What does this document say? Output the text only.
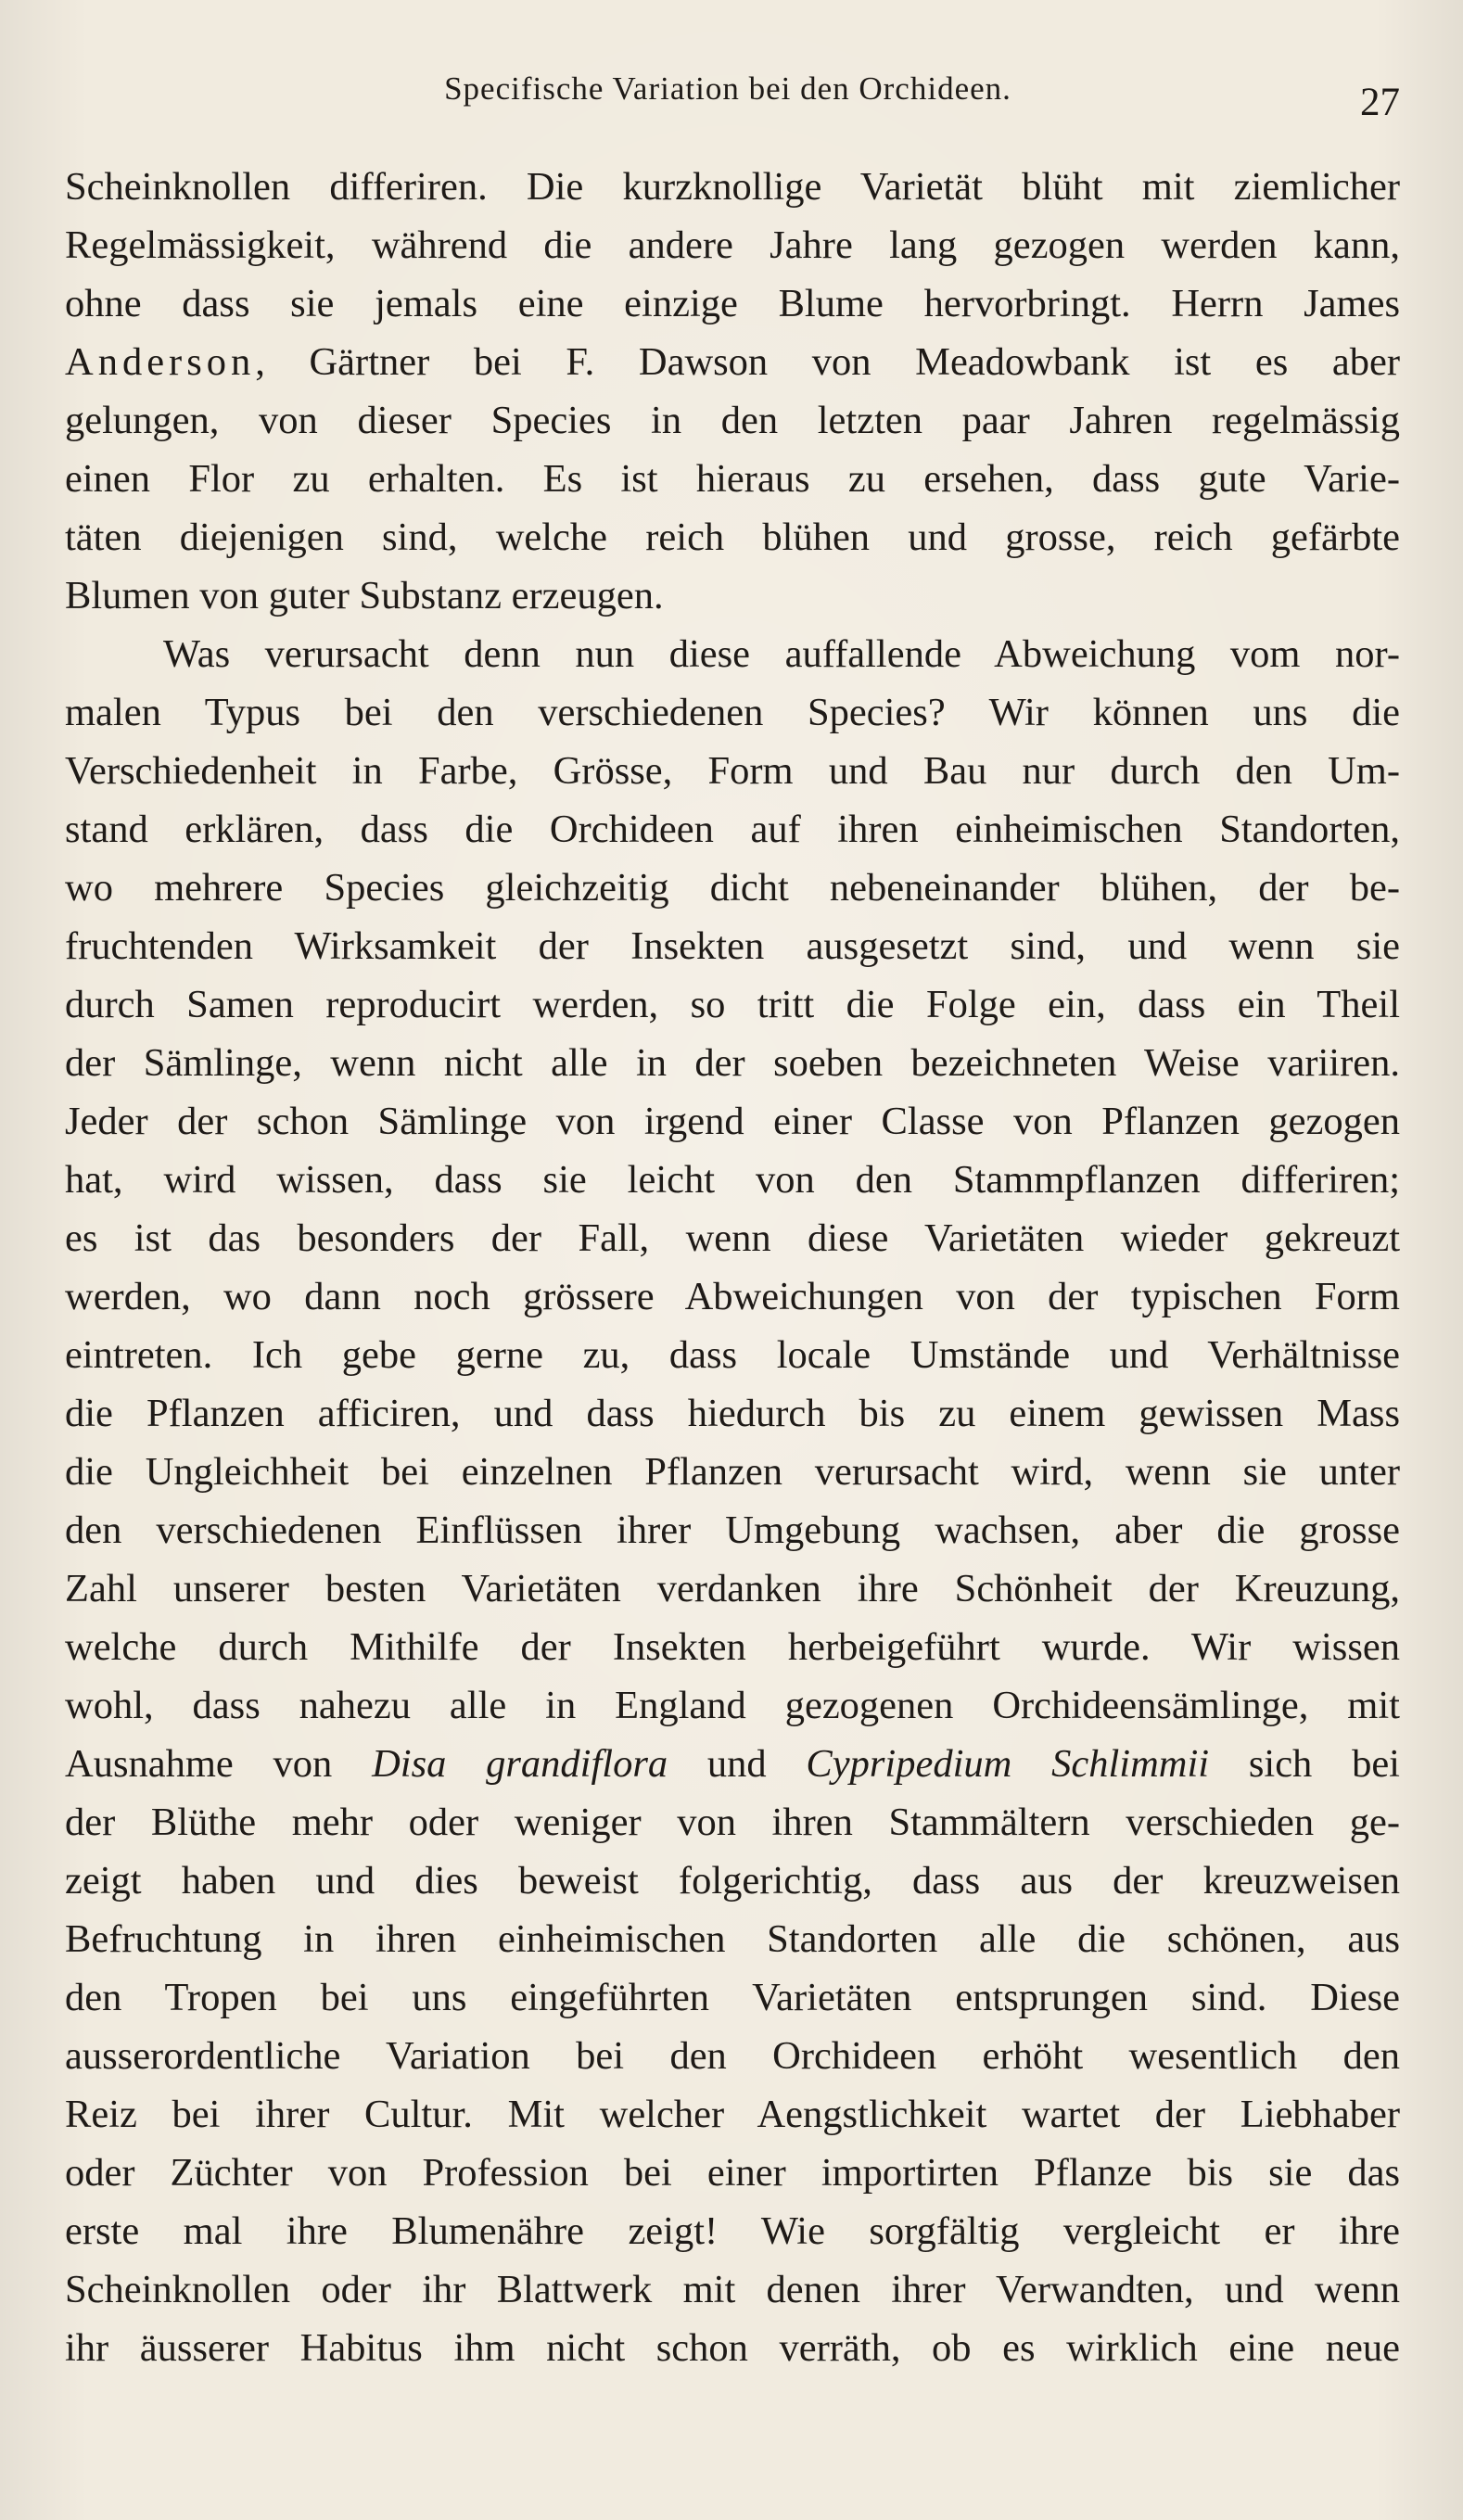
Specifische Variation bei den Orchideen.	27
Scheinknollen differiren. Die kurzknollige Varietät blüht mit ziemlicher
Regelmässigkeit, während die andere Jahre lang gezogen werden kann,
ohne dass sie jemals eine einzige Blume hervorbringt. Herrn James
Anderson, Gärtner bei F. Dawson von Meadowbank ist es aber
gelungen, von dieser Species in den letzten paar Jahren regelmässig
einen Flor zu erhalten. Es ist hieraus zu ersehen, dass gute Varie-
täten diejenigen sind, welche reich blühen und grosse, reich gefärbte
Blumen von guter Substanz erzeugen.
Was verursacht denn nun diese auffallende Abweichung vom nor-
malen Typus bei den verschiedenen Species? Wir können uns die
Verschiedenheit in Farbe, Grösse, Form und Bau nur durch den Um-
stand erklären, dass die Orchideen auf ihren einheimischen Standorten,
wo mehrere Species gleichzeitig dicht nebeneinander blühen, der be-
fruchtenden Wirksamkeit der Insekten ausgesetzt sind, und wenn sie
durch Samen reproducirt werden, so tritt die Folge ein, dass ein Theil
der Sämlinge, wenn nicht alle in der soeben bezeichneten Weise variiren.
Jeder der schon Sämlinge von irgend einer Classe von Pflanzen gezogen
hat, wird wissen, dass sie leicht von den Stammpflanzen differiren;
es ist das besonders der Fall, wenn diese Varietäten wieder gekreuzt
werden, wo dann noch grössere Abweichungen von der typischen Form
eintreten. Ich gebe gerne zu, dass locale Umstände und Verhältnisse
die Pflanzen afficiren, und dass hiedurch bis zu einem gewissen Mass
die Ungleichheit bei einzelnen Pflanzen verursacht wird, wenn sie unter
den verschiedenen Einflüssen ihrer Umgebung wachsen, aber die grosse
Zahl unserer besten Varietäten verdanken ihre Schönheit der Kreuzung,
welche durch Mithilfe der Insekten herbeigeführt wurde. Wir wissen
wohl, dass nahezu alle in England gezogenen Orchideensämlinge, mit
Ausnahme von Disa grandiflora und Cypripedium Schlimmii sich bei
der Blüthe mehr oder weniger von ihren Stammältern verschieden ge-
zeigt haben und dies beweist folgerichtig, dass aus der kreuzweisen
Befruchtung in ihren einheimischen Standorten alle die schönen, aus
den Tropen bei uns eingeführten Varietäten entsprungen sind. Diese
ausserordentliche Variation bei den Orchideen erhöht wesentlich den
Reiz bei ihrer Cultur. Mit welcher Aengstlichkeit wartet der Liebhaber
oder Züchter von Profession bei einer importirten Pflanze bis sie das
erste mal ihre Blumenähre zeigt! Wie sorgfältig vergleicht er ihre
Scheinknollen oder ihr Blattwerk mit denen ihrer Verwandten, und wenn
ihr äusserer Habitus ihm nicht schon verräth, ob es wirklich eine neue
